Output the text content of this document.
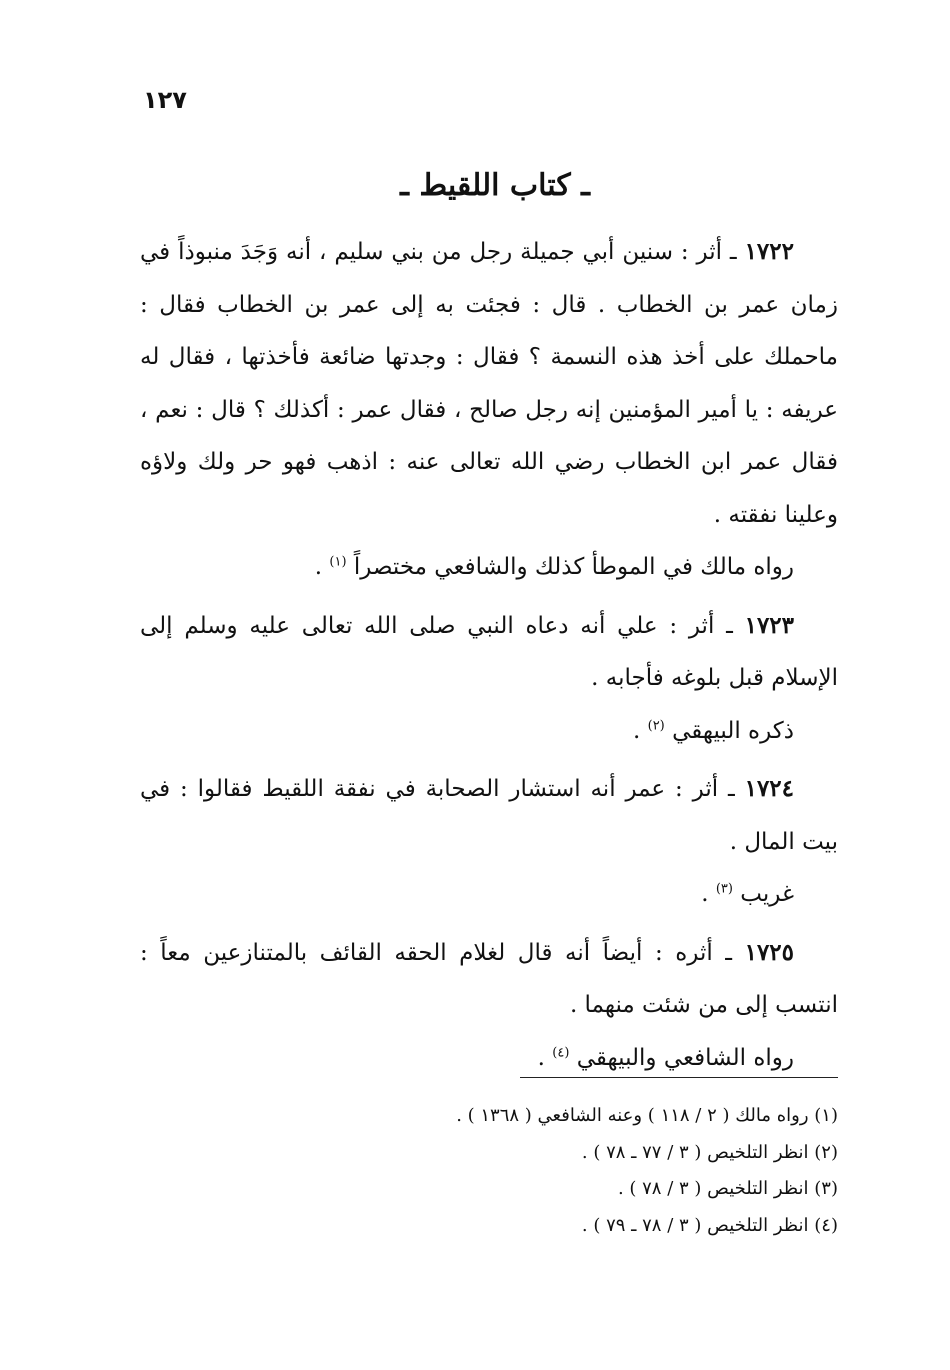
١٢٧
ـ كتاب اللقيط ـ

١٧٢٢ ـ أثر : سنين أبي جميلة رجل من بني سليم ، أنه وَجَدَ منبوذاً في زمان عمر بن الخطاب . قال : فجئت به إلى عمر بن الخطاب فقال : ماحملك على أخذ هذه النسمة ؟ فقال : وجدتها ضائعة فأخذتها ، فقال له عريفه : يا أمير المؤمنين إنه رجل صالح ، فقال عمر : أكذلك ؟ قال : نعم ، فقال عمر ابن الخطاب رضي الله تعالى عنه : اذهب فهو حر ولك ولاؤه وعلينا نفقته .

رواه مالك في الموطأ كذلك والشافعي مختصراً $^{(١)}$ .

١٧٢٣ ـ أثر : علي أنه دعاه النبي صلى الله تعالى عليه وسلم إلى الإسلام قبل بلوغه فأجابه .

ذكره البيهقي $^{(٢)}$ .

١٧٢٤ ـ أثر : عمر أنه استشار الصحابة في نفقة اللقيط فقالوا : في بيت المال .

غريب $^{(٣)}$ .

١٧٢٥ ـ أثره : أيضاً أنه قال لغلام الحقه القائف بالمتنازعين معاً : انتسب إلى من شئت منهما .

رواه الشافعي والبيهقي $^{(٤)}$ .

(١) رواه مالك ( ٢ / ١١٨ ) وعنه الشافعي ( ١٣٦٨ ) .
(٢) انظر التلخيص ( ٣ / ٧٧ ـ ٧٨ ) .
(٣) انظر التلخيص ( ٣ / ٧٨ ) .
(٤) انظر التلخيص ( ٣ / ٧٨ ـ ٧٩ ) .
